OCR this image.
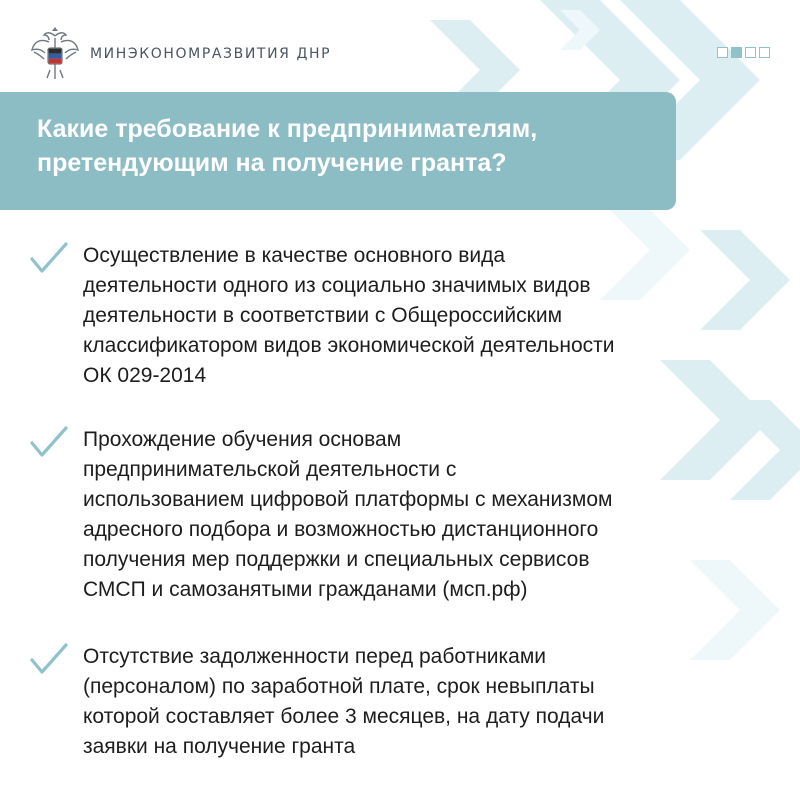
МИНЭКОНОМРАЗВИТИЯ ДНР

Какие требование к предпринимателям,
претендующим на получение гранта?

Осуществление в качестве основного вида
деятельности одного из социально значимых видов
деятельности в соответствии с Общероссийским
классификатором видов экономической деятельности
ОК 029-2014

Прохождение обучения основам
предпринимательской деятельности с
использованием цифровой платформы с механизмом
адресного подбора и возможностью дистанционного
получения мер поддержки и специальных сервисов
СМСП и самозанятыми гражданами (мсп.рф)

Отсутствие задолженности перед работниками
(персоналом) по заработной плате, срок невыплаты
которой составляет более 3 месяцев, на дату подачи
заявки на получение гранта
